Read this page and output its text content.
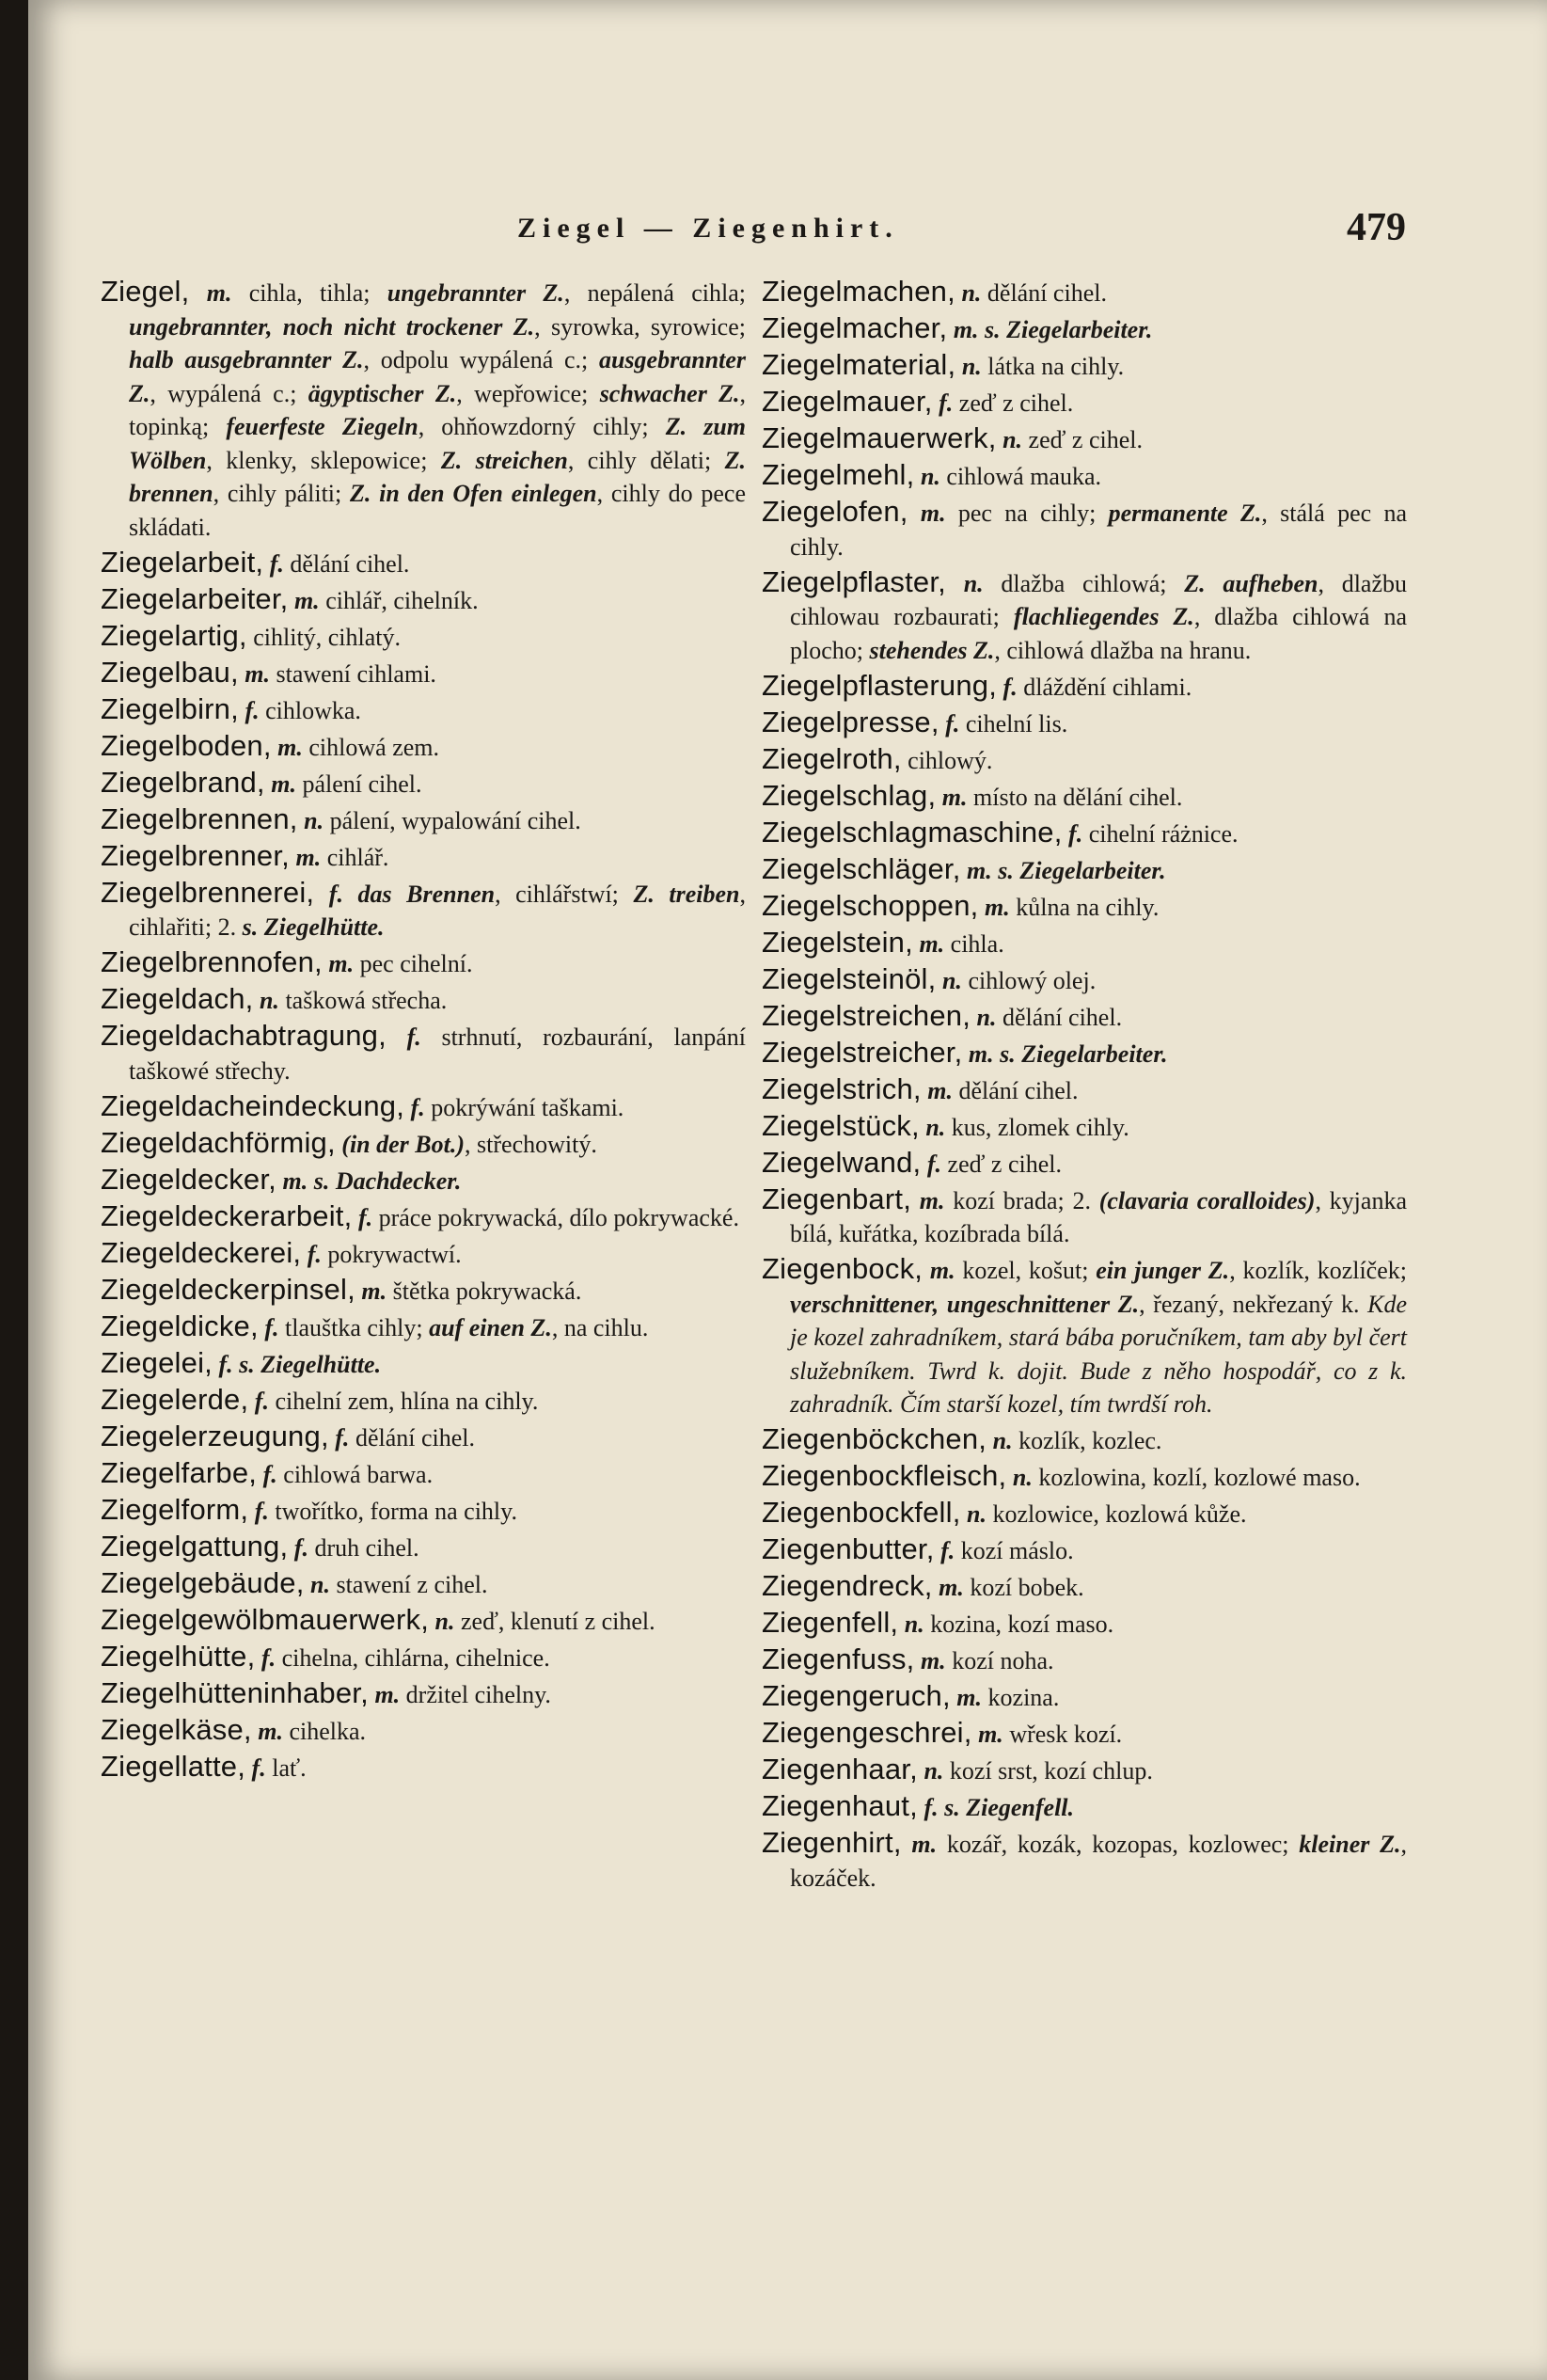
Ziegel — Ziegenhirt.	479
Ziegel, m. cihla, tihla; ungebrannter Z., nepálená cihla; ungebrannter, noch nicht trockener Z., syrowka, syrowice; halb ausgebrannter Z., odpolu wypálená c.; ausgebrannter Z., wypálená c.; ägyptischer Z., wepřowice; schwacher Z., topinką; feuerfeste Ziegeln, ohňowzdorný cihly; Z. zum Wölben, klenky, sklepowice; Z. streichen, cihly dělati; Z. brennen, cihly páliti; Z. in den Ofen einlegen, cihly do pece skládati.
Ziegelarbeit, f. dělání cihel.
Ziegelarbeiter, m. cihlář, cihelník.
Ziegelartig, cihlitý, cihlatý.
Ziegelbau, m. stawení cihlami.
Ziegelbirn, f. cihlowka.
Ziegelboden, m. cihlowá zem.
Ziegelbrand, m. pálení cihel.
Ziegelbrennen, n. pálení, wypalowání cihel.
Ziegelbrenner, m. cihlář.
Ziegelbrennerei, f. das Brennen, cihlářstwí; Z. treiben, cihlařiti; 2. s. Ziegelhütte.
Ziegelbrennofen, m. pec cihelní.
Ziegeldach, n. taškowá střecha.
Ziegeldachabtragung, f. strhnutí, rozbaurání, lanpání taškowé střechy.
Ziegeldacheindeckung, f. pokrýwání taškami.
Ziegeldachförmig, (in der Bot.), střechowitý.
Ziegeldecker, m. s. Dachdecker.
Ziegeldeckerarbeit, f. práce pokrywacká, dílo pokrywacké.
Ziegeldeckerei, f. pokrywactwí.
Ziegeldeckerpinsel, m. štětka pokrywacká.
Ziegeldicke, f. tlauštka cihly; auf einen Z., na cihlu.
Ziegelei, f. s. Ziegelhütte.
Ziegelerde, f. cihelní zem, hlína na cihly.
Ziegelerzeugung, f. dělání cihel.
Ziegelfarbe, f. cihlowá barwa.
Ziegelform, f. twořítko, forma na cihly.
Ziegelgattung, f. druh cihel.
Ziegelgebäude, n. stawení z cihel.
Ziegelgewölbmauerwerk, n. zeď, klenutí z cihel.
Ziegelhütte, f. cihelna, cihlárna, cihelnice.
Ziegelhütteninhaber, m. držitel cihelny.
Ziegelkäse, m. cihelka.
Ziegellatte, f. lať.
Ziegelmachen, n. dělání cihel.
Ziegelmacher, m. s. Ziegelarbeiter.
Ziegelmaterial, n. látka na cihly.
Ziegelmauer, f. zeď z cihel.
Ziegelmauerwerk, n. zeď z cihel.
Ziegelmehl, n. cihlowá mauka.
Ziegelofen, m. pec na cihly; permanente Z., stálá pec na cihly.
Ziegelpflaster, n. dlažba cihlowá; Z. aufheben, dlažbu cihlowau rozbaurati; flachliegendes Z., dlažba cihlowá na plocho; stehendes Z., cihlowá dlažba na hranu.
Ziegelpflasterung, f. dláždění cihlami.
Ziegelpresse, f. cihelní lis.
Ziegelroth, cihlowý.
Ziegelschlag, m. místo na dělání cihel.
Ziegelschlagmaschine, f. cihelní ráżnice.
Ziegelschläger, m. s. Ziegelarbeiter.
Ziegelschoppen, m. kůlna na cihly.
Ziegelstein, m. cihla.
Ziegelsteinöl, n. cihlowý olej.
Ziegelstreichen, n. dělání cihel.
Ziegelstreicher, m. s. Ziegelarbeiter.
Ziegelstrich, m. dělání cihel.
Ziegelstück, n. kus, zlomek cihly.
Ziegelwand, f. zeď z cihel.
Ziegenbart, m. kozí brada; 2. (clavaria coralloides), kyjanka bílá, kuřátka, kozíbrada bílá.
Ziegenbock, m. kozel, košut; ein junger Z., kozlík, kozlíček; verschnittener, ungeschnittener Z., řezaný, nekřezaný k. Kde je kozel zahradníkem, stará bába poručníkem, tam aby byl čert služebníkem. Twrd k. dojit. Bude z něho hospodář, co z k. zahradník. Čím starší kozel, tím twrdší roh.
Ziegenböckchen, n. kozlík, kozlec.
Ziegenbockfleisch, n. kozlowina, kozlí, kozlowé maso.
Ziegenbockfell, n. kozlowice, kozlowá kůže.
Ziegenbutter, f. kozí máslo.
Ziegendreck, m. kozí bobek.
Ziegenfell, n. kozina, kozí maso.
Ziegenfuss, m. kozí noha.
Ziegengeruch, m. kozina.
Ziegengeschrei, m. wřesk kozí.
Ziegenhaar, n. kozí srst, kozí chlup.
Ziegenhaut, f. s. Ziegenfell.
Ziegenhirt, m. kozář, kozák, kozopas, kozlowec; kleiner Z., kozáček.
